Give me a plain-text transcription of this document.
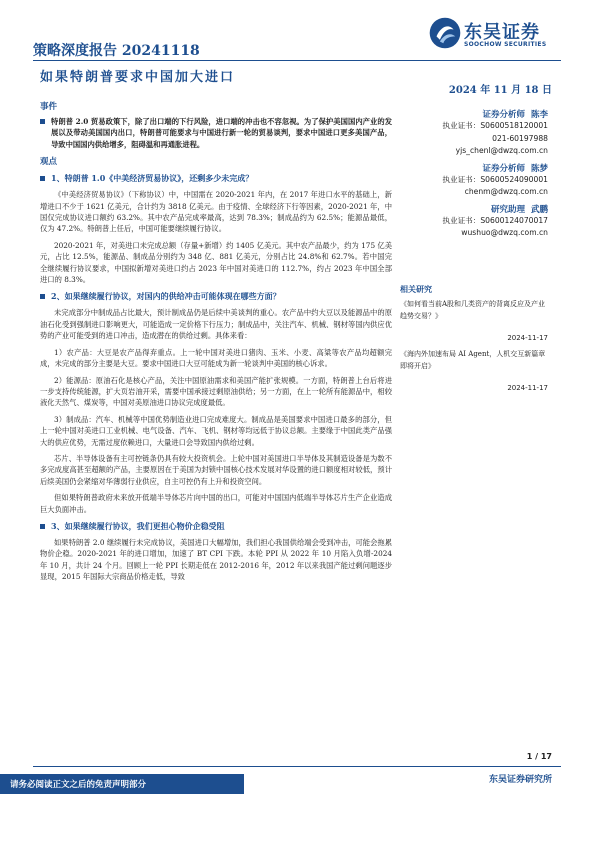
东吴证券
SOOCHOW SECURITIES
策略深度报告 20241118
如果特朗普要求中国加大进口
2024 年 11 月 18 日
事件

特朗普 2.0 贸易政策下，除了出口端的下行风险，进口端的冲击也不容忽视。为了保护美国国内产业的发展以及带动美国国内出口，特朗普可能要求与中国进行新一轮的贸易谈判，要求中国进口更多美国产品，导致中国国内供给增多，阻碍温和再通胀进程。

观点
1、特朗普 1.0《中美经济贸易协议》，还剩多少未完成？

《中美经济贸易协议》（下称协议）中，中国需在 2020-2021 年内，在 2017 年进口水平的基础上，新增进口不少于 1621 亿美元，合计约为 3818 亿美元。由于疫情、全球经济下行等因素，2020-2021 年，中国仅完成协议进口额约 63.2%。其中农产品完成率最高，达到 78.3%；制成品约为 62.5%；能源品最低，仅为 47.2%。特朗普上任后，中国可能要继续履行协议。

2020-2021 年，对美进口未完成总额（存量+新增）约 1405 亿美元。其中农产品最少，约为 175 亿美元，占比 12.5%，能源品、制成品分别约为 348 亿、881 亿美元，分别占比 24.8%和 62.7%。若中国完全继续履行协议要求，中国拟新增对美进口约占 2023 年中国对美进口的 112.7%，约占 2023 年中国全部进口的 8.3%。

2、如果继续履行协议，对国内的供给冲击可能体现在哪些方面？

未完成部分中制成品占比最大，预计制成品仍是后续中美谈判的重心。农产品中约大豆以及能源品中的原油石化受到强制进口影响更大，可能造成一定价格下行压力；制成品中，关注汽车、机械、钢材等国内供应优势的产业可能受到的进口冲击，造成潜在的供给过剩。具体来看：

1）农产品：大豆是农产品得弃重点。上一轮中国对美进口猪肉、玉米、小麦、高粱等农产品均超额完成，未完成的部分主要是大豆。要求中国进口大豆可能成为新一轮谈判中美国的核心诉求。

2）能源品：原油石化是核心产品，关注中国原油需求和美国产能扩张规模。一方面，特朗普上台后将进一步支持传统能源，扩大页岩油开采，需要中国承接过剩原油供给；另一方面，在上一轮所有能源品中，相较液化天然气、煤炭等，中国对美原油进口协议完成度最低。

3）制成品：汽车、机械等中国优势制造业进口完成难度大。制成品是美国要求中国进口最多的部分，但上一轮中国对美进口工业机械、电气设备、汽车、飞机、钢材等均远低于协议总额。主要缘于中国此类产品强大的供应优势，无需过度依赖进口，大量进口会导致国内供给过剩。

芯片、半导体设备有主可控链条仍具有较大投资机会。上轮中国对美国进口半导体及其制造设备是为数不多完成度高甚至超额的产品，主要原因在于美国为封锁中国核心技术发展对华设置的进口额度相对较低，预计后续美国仍会紧缩对华薄弱行业供应，自主可控仍有上升和投资空间。

但如果特朗普政府未来放开低端半导体芯片向中国的出口，可能对中国国内低端半导体芯片生产企业造成巨大负面冲击。

3、如果继续履行协议，我们更担心物价企稳受阻

如果特朗普 2.0 继续履行未完成协议，美国进口大幅增加，我们担心我国供给端会受到冲击，可能会拖累物价企稳。2020-2021 年的进口增加，加速了 BT CPI 下跌。本轮 PPI 从 2022 年 10 月陷入负增-2024 年 10 月，共计 24 个月。回顾上一轮 PPI 长期走低在 2012-2016 年，2012 年以来我国产能过剩问题逐步显现，2015 年国际大宗商品价格走低，导致

证券分析师 陈李
执业证书：S0600518120001
021-60197988
yjs_chenl@dwzq.com.cn
证券分析师 陈梦
执业证书：S0600524090001
chenm@dwzq.com.cn
研究助理 武鹏
执业证书：S0600124070017
wushuo@dwzq.com.cn
相关研究
《如何看当前A股和几类资产的背离反应及产业趋势交易？》
2024-11-17
《海内外加速布局 AI Agent，人机交互新篇章即将开启》
2024-11-17
1 / 17
请务必阅读正文之后的免责声明部分	东吴证券研究所
